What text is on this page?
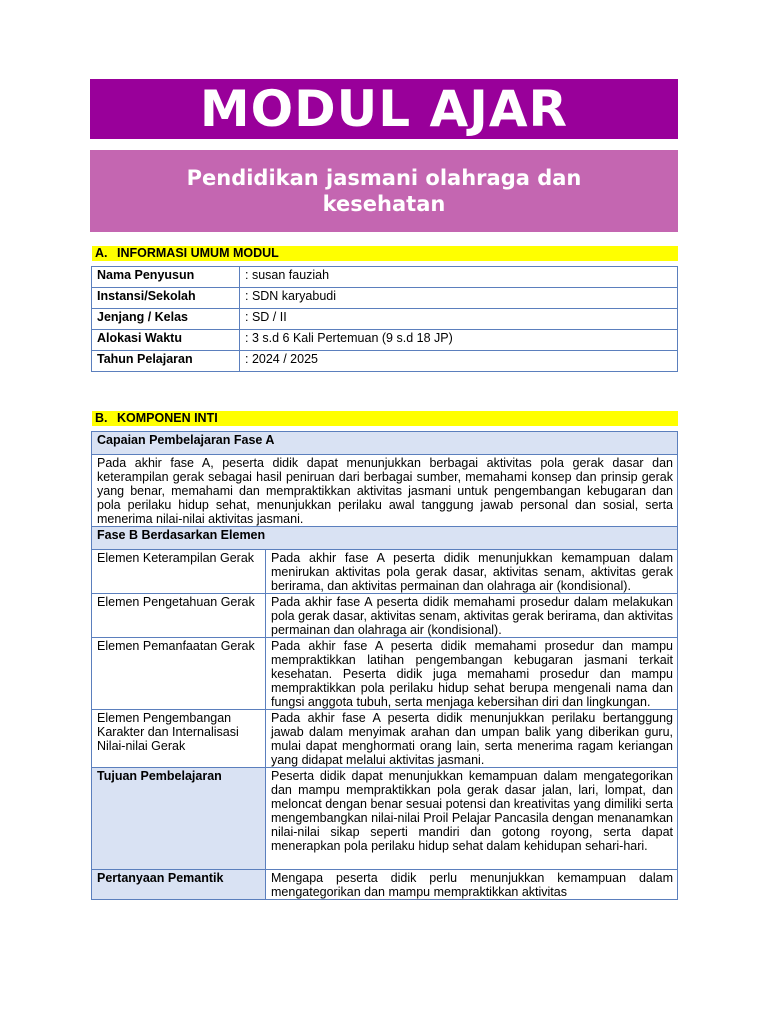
MODUL AJAR
Pendidikan jasmani olahraga dan kesehatan
A. INFORMASI UMUM MODUL
Nama Penyusun	: susan fauziah
Instansi/Sekolah	: SDN karyabudi
Jenjang / Kelas	: SD / II
Alokasi Waktu	: 3 s.d 6 Kali Pertemuan (9 s.d 18 JP)
Tahun Pelajaran	: 2024 / 2025
B. KOMPONEN INTI
Capaian Pembelajaran Fase A	
Pada akhir fase A, peserta didik dapat menunjukkan berbagai aktivitas pola gerak dasar dan keterampilan gerak sebagai hasil peniruan dari berbagai sumber, memahami konsep dan prinsip gerak yang benar, memahami dan mempraktikkan aktivitas jasmani untuk pengembangan kebugaran dan pola perilaku hidup sehat, menunjukkan perilaku awal tanggung jawab personal dan sosial, serta menerima nilai-nilai aktivitas jasmani.	
Fase B Berdasarkan Elemen	
Elemen Keterampilan Gerak	Pada akhir fase A peserta didik menunjukkan kemampuan dalam menirukan aktivitas pola gerak dasar, aktivitas senam, aktivitas gerak berirama, dan aktivitas permainan dan olahraga air (kondisional).
Elemen Pengetahuan Gerak	Pada akhir fase A peserta didik memahami prosedur dalam melakukan pola gerak dasar, aktivitas senam, aktivitas gerak berirama, dan aktivitas permainan dan olahraga air (kondisional).
Elemen Pemanfaatan Gerak	Pada akhir fase A peserta didik memahami prosedur dan mampu mempraktikkan latihan pengembangan kebugaran jasmani terkait kesehatan. Peserta didik juga memahami prosedur dan mampu mempraktikkan pola perilaku hidup sehat berupa mengenali nama dan fungsi anggota tubuh, serta menjaga kebersihan diri dan lingkungan.
Elemen Pengembangan Karakter dan Internalisasi Nilai-nilai Gerak	Pada akhir fase A peserta didik menunjukkan perilaku bertanggung jawab dalam menyimak arahan dan umpan balik yang diberikan guru, mulai dapat menghormati orang lain, serta menerima ragam keriangan yang didapat melalui aktivitas jasmani.
Tujuan Pembelajaran	Peserta didik dapat menunjukkan kemampuan dalam mengategorikan dan mampu mempraktikkan pola gerak dasar jalan, lari, lompat, dan meloncat dengan benar sesuai potensi dan kreativitas yang dimiliki serta mengembangkan nilai-nilai Proil Pelajar Pancasila dengan menanamkan nilai-nilai sikap seperti mandiri dan gotong royong, serta dapat menerapkan pola perilaku hidup sehat dalam kehidupan sehari-hari.
Pertanyaan Pemantik	Mengapa peserta didik perlu menunjukkan kemampuan dalam mengategorikan dan mampu mempraktikkan aktivitas
